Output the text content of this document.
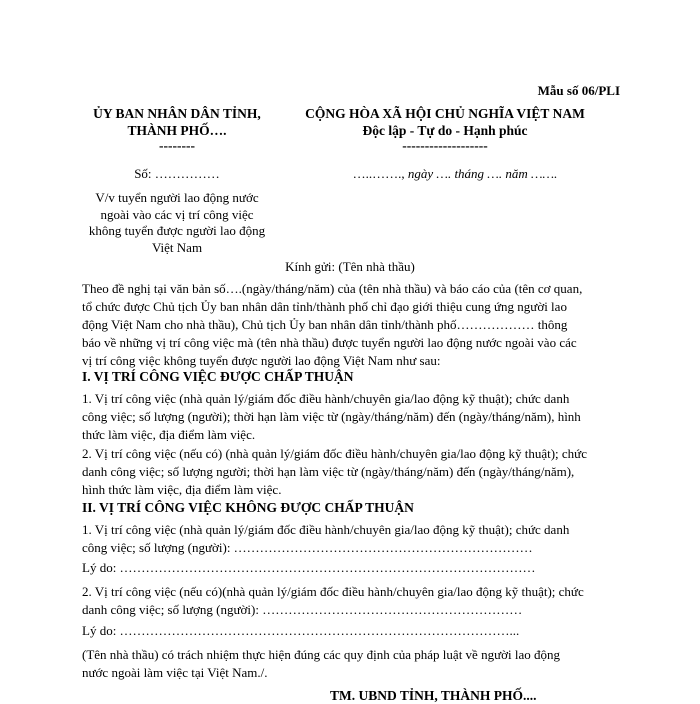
Mẫu số 06/PLI
ỦY BAN NHÂN DÂN TỈNH,
THÀNH PHỐ….
--------
Số: ……………
V/v tuyển người lao động nước
ngoài vào các vị trí công việc
không tuyển được người lao động
Việt Nam
CỘNG HÒA XÃ HỘI CHỦ NGHĨA VIỆT NAM
Độc lập - Tự do - Hạnh phúc
-------------------
…..……., ngày …. tháng …. năm …….
Kính gửi: (Tên nhà thầu)
Theo đề nghị tại văn bản số….(ngày/tháng/năm) của (tên nhà thầu) và báo cáo của (tên cơ quan,
tổ chức được Chủ tịch Ủy ban nhân dân tỉnh/thành phố chỉ đạo giới thiệu cung ứng người lao
động Việt Nam cho nhà thầu), Chủ tịch Ủy ban nhân dân tỉnh/thành phố……………… thông
báo về những vị trí công việc mà (tên nhà thầu) được tuyển người lao động nước ngoài vào các
vị trí công việc không tuyển được người lao động Việt Nam như sau:
I. VỊ TRÍ CÔNG VIỆC ĐƯỢC CHẤP THUẬN
1. Vị trí công việc (nhà quản lý/giám đốc điều hành/chuyên gia/lao động kỹ thuật); chức danh
công việc; số lượng (người); thời hạn làm việc từ (ngày/tháng/năm) đến (ngày/tháng/năm), hình
thức làm việc, địa điểm làm việc.
2. Vị trí công việc (nếu có) (nhà quản lý/giám đốc điều hành/chuyên gia/lao động kỹ thuật); chức
danh công việc; số lượng người; thời hạn làm việc từ (ngày/tháng/năm) đến (ngày/tháng/năm),
hình thức làm việc, địa điểm làm việc.
II. VỊ TRÍ CÔNG VIỆC KHÔNG ĐƯỢC CHẤP THUẬN
1. Vị trí công việc (nhà quản lý/giám đốc điều hành/chuyên gia/lao động kỹ thuật); chức danh
công việc; số lượng (người): ……………………………………………………………
Lý do: ……………………………………………………………………………………
2. Vị trí công việc (nếu có)(nhà quản lý/giám đốc điều hành/chuyên gia/lao động kỹ thuật); chức
danh công việc; số lượng (người): ……………………………………………………
Lý do: ………………………………………………………………………………...
(Tên nhà thầu) có trách nhiệm thực hiện đúng các quy định của pháp luật về người lao động
nước ngoài làm việc tại Việt Nam./.
TM. UBND TỈNH, THÀNH PHỐ....
